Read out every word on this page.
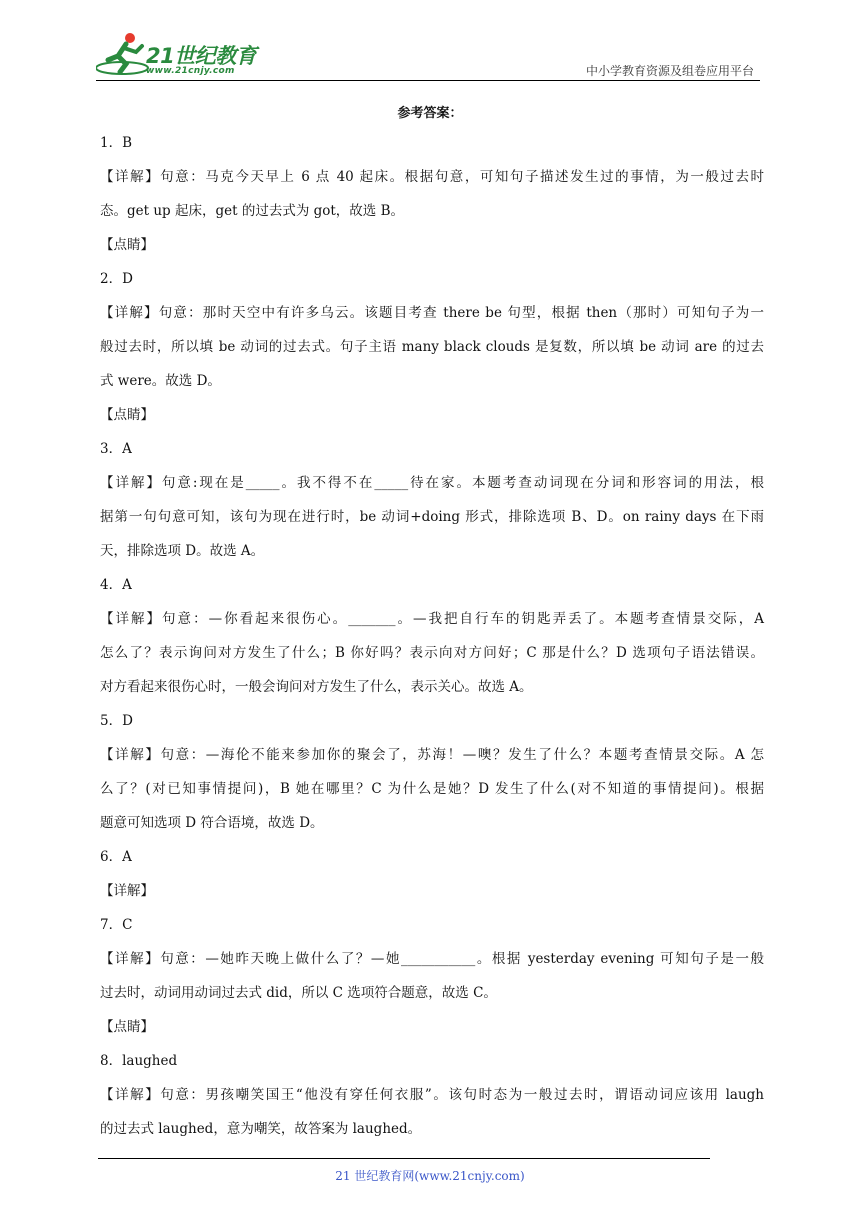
21世纪教育
www.21cnjy.com	中小学教育资源及组卷应用平台
参考答案：
1．B
【详解】句意：马克今天早上 6 点 40 起床。根据句意，可知句子描述发生过的事情，为一般过去时
态。get up 起床，get 的过去式为 got，故选 B。
【点睛】
2．D
【详解】句意：那时天空中有许多乌云。该题目考查 there be 句型，根据 then（那时）可知句子为一
般过去时，所以填 be 动词的过去式。句子主语 many black clouds 是复数，所以填 be 动词 are 的过去
式 were。故选 D。
【点睛】
3．A
【详解】句意:现在是_____。我不得不在_____待在家。本题考查动词现在分词和形容词的用法，根
据第一句句意可知，该句为现在进行时，be 动词+doing 形式，排除选项 B、D。on rainy days 在下雨
天，排除选项 D。故选 A。
4．A
【详解】句意：—你看起来很伤心。_______。—我把自行车的钥匙弄丢了。本题考查情景交际，A
怎么了？表示询问对方发生了什么；B 你好吗？表示向对方问好；C 那是什么？D 选项句子语法错误。
对方看起来很伤心时，一般会询问对方发生了什么，表示关心。故选 A。
5．D
【详解】句意：—海伦不能来参加你的聚会了，苏海！—噢？发生了什么？本题考查情景交际。A 怎
么了？(对已知事情提问)，B 她在哪里？C 为什么是她？D 发生了什么(对不知道的事情提问)。根据
题意可知选项 D 符合语境，故选 D。
6．A
【详解】
7．C
【详解】句意：—她昨天晚上做什么了？—她___________。根据 yesterday evening 可知句子是一般
过去时，动词用动词过去式 did，所以 C 选项符合题意，故选 C。
【点睛】
8．laughed
【详解】句意：男孩嘲笑国王“他没有穿任何衣服”。该句时态为一般过去时，谓语动词应该用 laugh
的过去式 laughed，意为嘲笑，故答案为 laughed。
21 世纪教育网(www.21cnjy.com)
